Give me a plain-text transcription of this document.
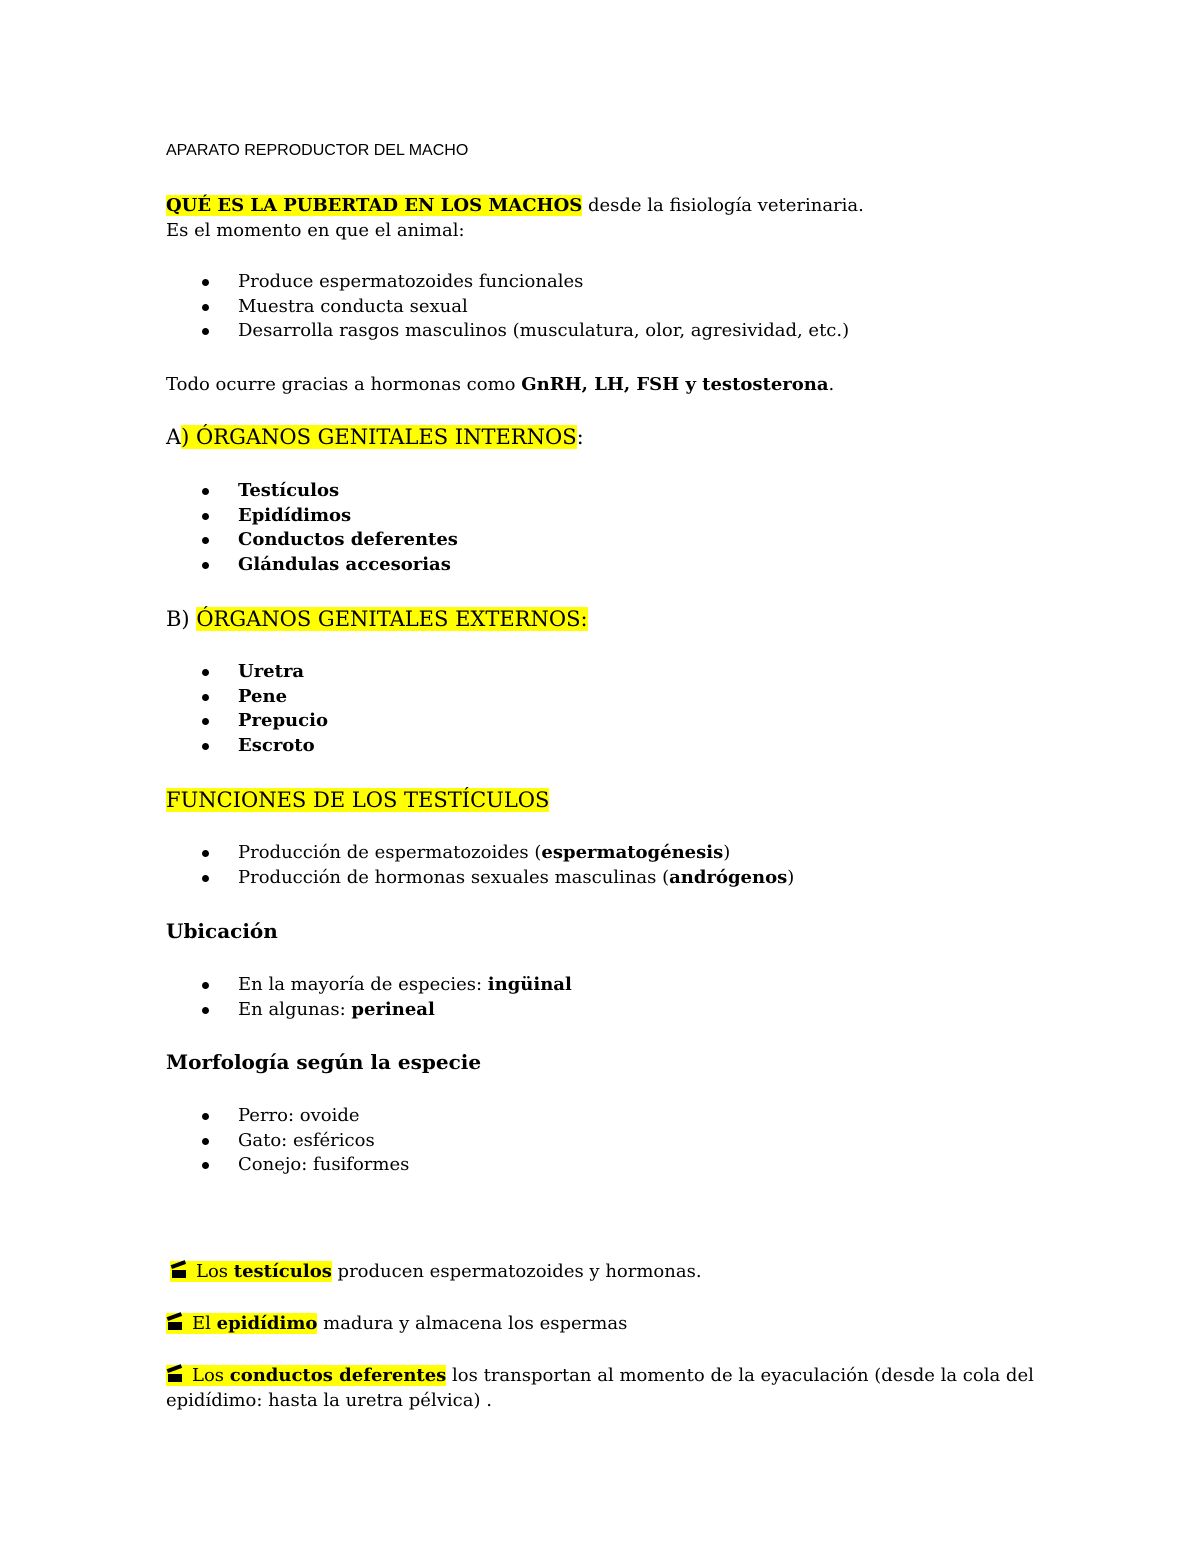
APARATO REPRODUCTOR DEL MACHO

QUÉ ES LA PUBERTAD EN LOS MACHOS desde la fisiología veterinaria.

Es el momento en que el animal:

Produce espermatozoides funcionales
Muestra conducta sexual
Desarrolla rasgos masculinos (musculatura, olor, agresividad, etc.)

Todo ocurre gracias a hormonas como GnRH, LH, FSH y testosterona.

A) ÓRGANOS GENITALES INTERNOS:

Testículos
Epidídimos
Conductos deferentes
Glándulas accesorias

B) ÓRGANOS GENITALES EXTERNOS:

Uretra
Pene
Prepucio
Escroto

FUNCIONES DE LOS TESTÍCULOS

Producción de espermatozoides (espermatogénesis)
Producción de hormonas sexuales masculinas (andrógenos)

Ubicación

En la mayoría de especies: ingüinal
En algunas: perineal

Morfología según la especie

Perro: ovoide
Gato: esféricos
Conejo: fusiformes

Los testículos producen espermatozoides y hormonas.

El epidídimo madura y almacena los espermas

Los conductos deferentes los transportan al momento de la eyaculación (desde la cola del

epidídimo: hasta la uretra pélvica) .
